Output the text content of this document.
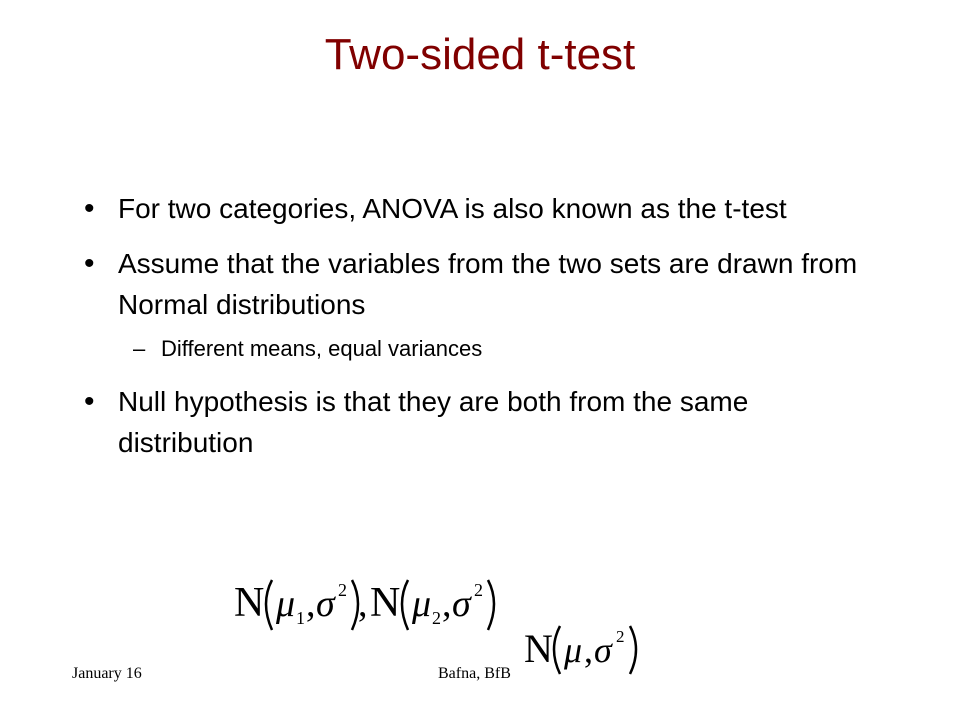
Two-sided t-test
• For two categories, ANOVA is also known as the t-test
• Assume that the variables from the two sets are drawn from Normal distributions
– Different means, equal variances
• Null hypothesis is that they are both from the same distribution
N μ 1 , σ 2 , N μ 2 , σ 2
N μ , σ 2
January 16	Bafna, BfB
